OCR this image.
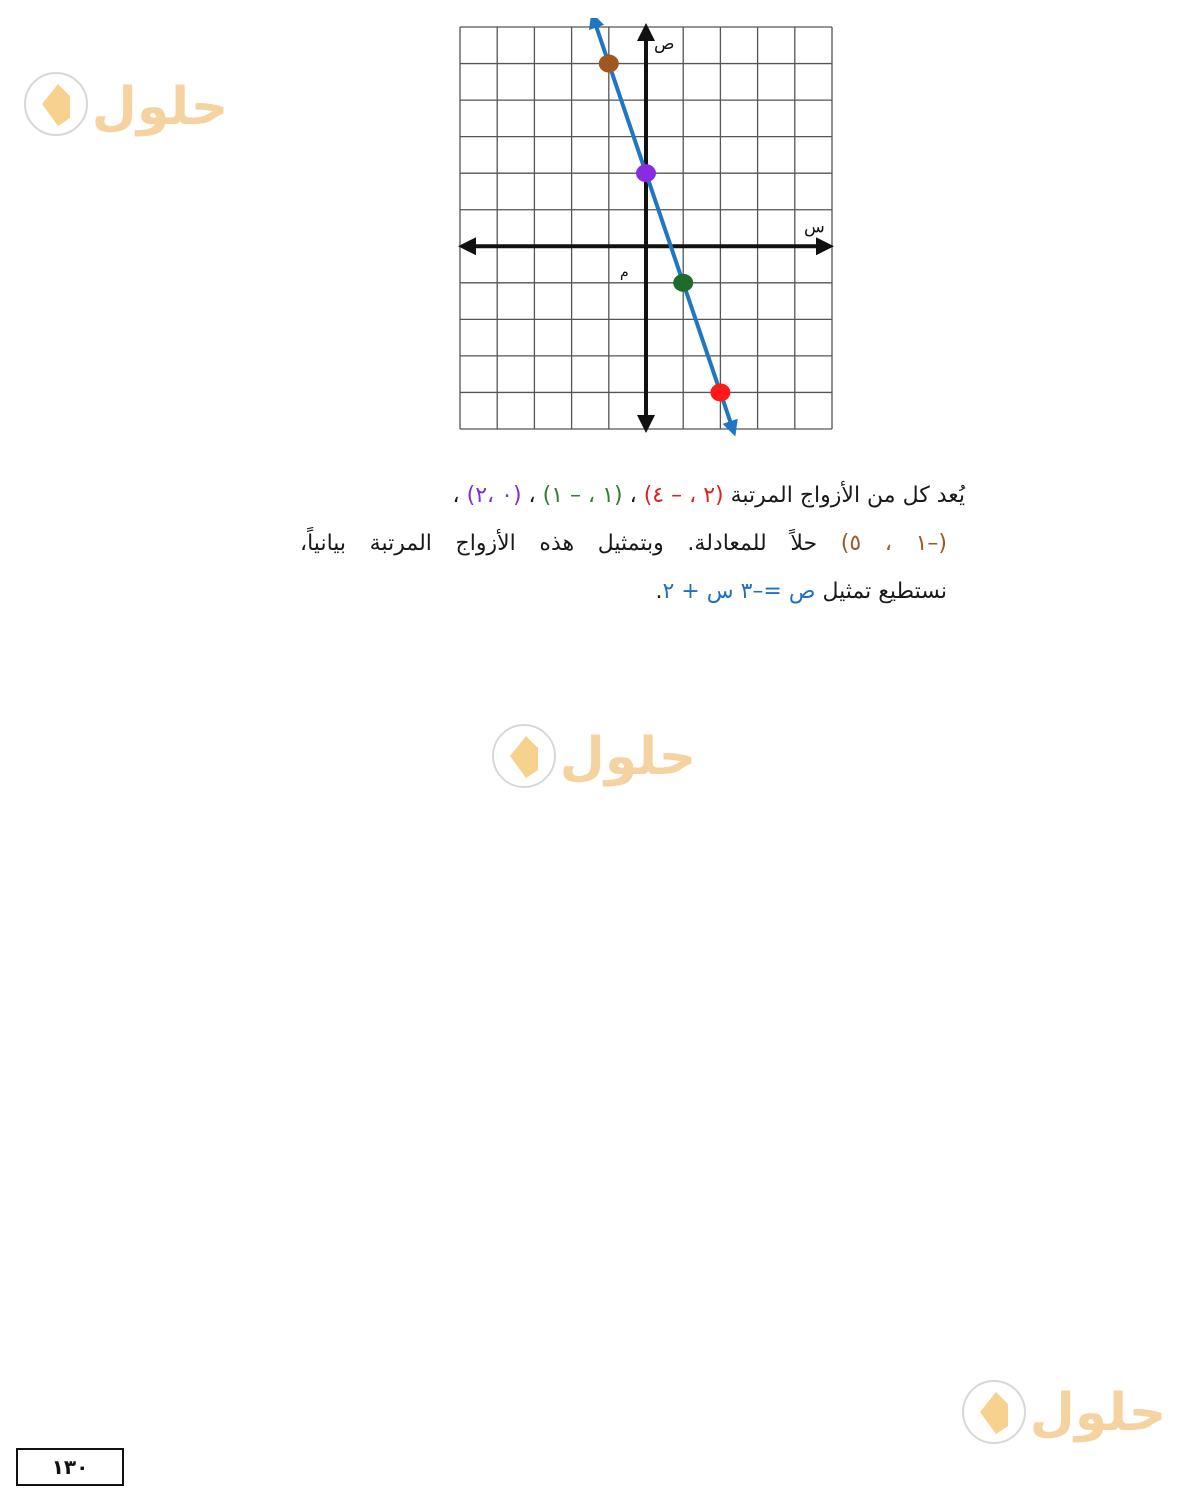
س
ص
م
يُعد كل من الأزواج المرتبة (٢ ، – ٤) ، (١ ، – ١) ، (٠ ،٢) ،
(–١ ، ٥) حلاً للمعادلة. وبتمثيل هذه الأزواج المرتبة بيانياً،
نستطيع تمثيل ص =–٣ س + ٢.
حلول
حلول
حلول
١٣٠
